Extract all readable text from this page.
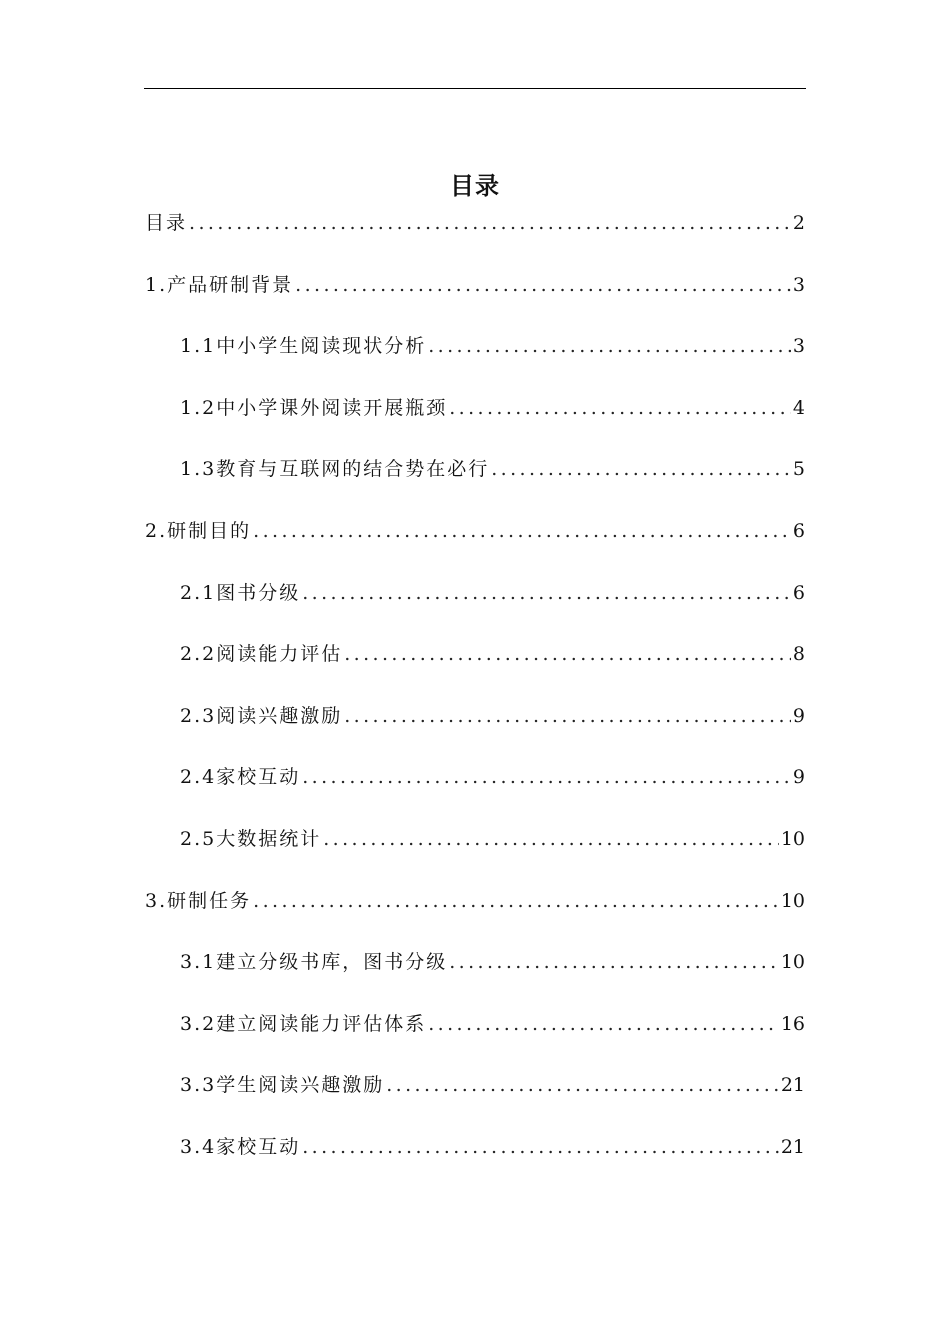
目录
目录 .....	2
1.产品研制背景 .....	3
1.1中小学生阅读现状分析 .....	3
1.2中小学课外阅读开展瓶颈 .....	4
1.3教育与互联网的结合势在必行 .....	5
2.研制目的 .....	6
2.1图书分级 .....	6
2.2阅读能力评估 .....	8
2.3阅读兴趣激励 .....	9
2.4家校互动 .....	9
2.5大数据统计 .....	10
3.研制任务 .....	10
3.1建立分级书库，图书分级 .....	10
3.2建立阅读能力评估体系 .....	16
3.3学生阅读兴趣激励 .....	21
3.4家校互动 .....	21
